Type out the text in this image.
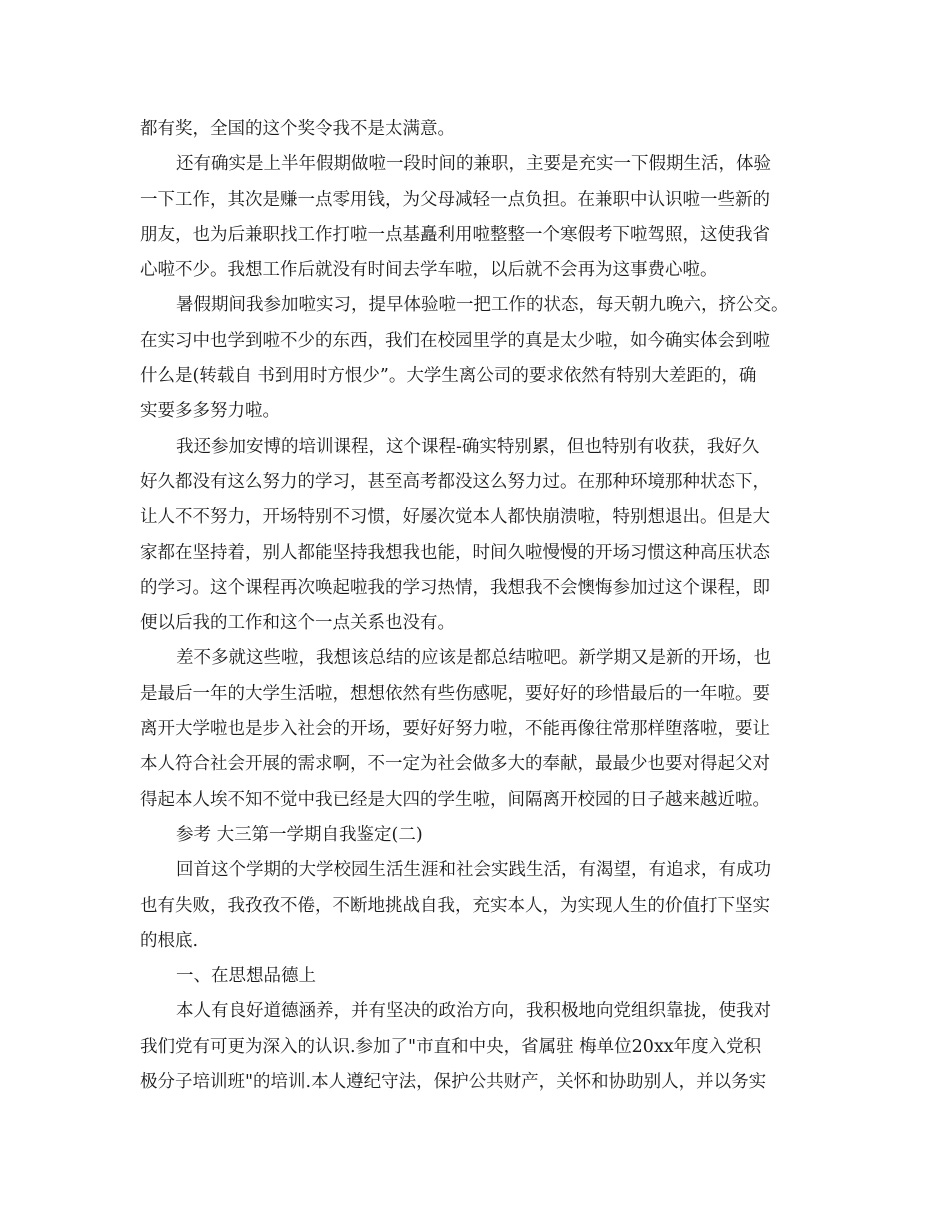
都有奖，全国的这个奖令我不是太满意。
还有确实是上半年假期做啦一段时间的兼职，主要是充实一下假期生活，体验
一下工作，其次是赚一点零用钱，为父母减轻一点负担。在兼职中认识啦一些新的
朋友，也为后兼职找工作打啦一点基矗利用啦整整一个寒假考下啦驾照，这使我省
心啦不少。我想工作后就没有时间去学车啦，以后就不会再为这事费心啦。
暑假期间我参加啦实习，提早体验啦一把工作的状态，每天朝九晚六，挤公交。
在实习中也学到啦不少的东西，我们在校园里学的真是太少啦，如今确实体会到啦
什么是(转载自 书到用时方恨少”。大学生离公司的要求依然有特别大差距的，确
实要多多努力啦。
我还参加安博的培训课程，这个课程-确实特别累，但也特别有收获，我好久
好久都没有这么努力的学习，甚至高考都没这么努力过。在那种环境那种状态下，
让人不不努力，开场特别不习惯，好屡次觉本人都快崩溃啦，特别想退出。但是大
家都在坚持着，别人都能坚持我想我也能，时间久啦慢慢的开场习惯这种高压状态
的学习。这个课程再次唤起啦我的学习热情，我想我不会懊悔参加过这个课程，即
便以后我的工作和这个一点关系也没有。
差不多就这些啦，我想该总结的应该是都总结啦吧。新学期又是新的开场，也
是最后一年的大学生活啦，想想依然有些伤感呢，要好好的珍惜最后的一年啦。要
离开大学啦也是步入社会的开场，要好好努力啦，不能再像往常那样堕落啦，要让
本人符合社会开展的需求啊，不一定为社会做多大的奉献，最最少也要对得起父对
得起本人埃不知不觉中我已经是大四的学生啦，间隔离开校园的日子越来越近啦。
参考 大三第一学期自我鉴定(二)
回首这个学期的大学校园生活生涯和社会实践生活，有渴望，有追求，有成功
也有失败，我孜孜不倦，不断地挑战自我，充实本人，为实现人生的价值打下坚实
的根底.
一、在思想品德上
本人有良好道德涵养，并有坚决的政治方向，我积极地向党组织靠拢，使我对
我们党有可更为深入的认识.参加了"市直和中央，省属驻 梅单位20xx年度入党积
极分子培训班"的培训.本人遵纪守法，保护公共财产，关怀和协助别人，并以务实
